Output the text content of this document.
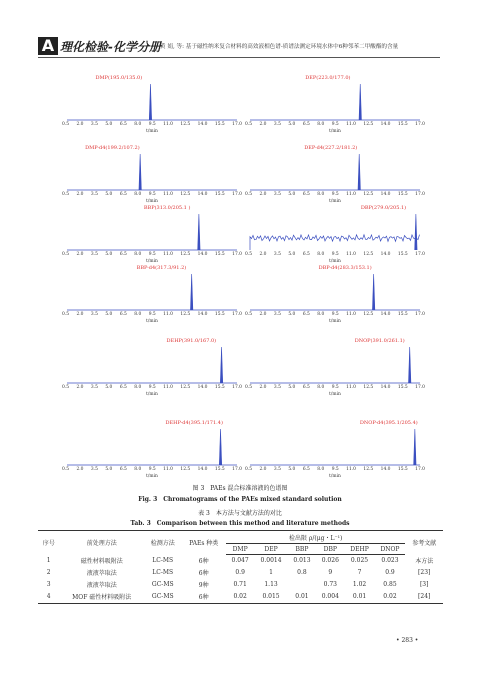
A 理化检验-化学分册 黄 娟, 等: 基于磁性纳米复合材料的高效液相色谱-质谱法测定环境水体中6种邻苯二甲酸酯的含量
DMP(195.0/135.0)
0.5 2.0 3.5 5.0 6.5 8.0 9.5 11.0 12.5 14.0 15.5 17.0
t/min
DEP(223.0/177.0)
0.5 2.0 3.5 5.0 6.5 8.0 9.5 11.0 12.5 14.0 15.5 17.0
t/min
DMP-d4(199.2/107.2)
0.5 2.0 3.5 5.0 6.5 8.0 9.5 11.0 12.5 14.0 15.5 17.0
t/min
DEP-d4(227.2/181.2)
0.5 2.0 3.5 5.0 6.5 8.0 9.5 11.0 12.5 14.0 15.5 17.0
t/min
BBP(313.0/205.1 )
0.5 2.0 3.5 5.0 6.5 8.0 9.5 11.0 12.5 14.0 15.5 17.0
t/min
DBP(279.0/205.1)
0.5 2.0 3.5 5.0 6.5 8.0 9.5 11.0 12.5 14.0 15.5 17.0
t/min
BBP-d4(317.3/91.2)
0.5 2.0 3.5 5.0 6.5 8.0 9.5 11.0 12.5 14.0 15.5 17.0
t/min
DBP-d4(283.3/153.1)
0.5 2.0 3.5 5.0 6.5 8.0 9.5 11.0 12.5 14.0 15.5 17.0
t/min
DEHP(391.0/167.0)
0.5 2.0 3.5 5.0 6.5 8.0 9.5 11.0 12.5 14.0 15.5 17.0
t/min
DNOP(391.0/261.1)
0.5 2.0 3.5 5.0 6.5 8.0 9.5 11.0 12.5 14.0 15.5 17.0
t/min
DEHP-d4(395.1/171.4)
0.5 2.0 3.5 5.0 6.5 8.0 9.5 11.0 12.5 14.0 15.5 17.0
t/min
DNOP-d4(395.1/205.4)
0.5 2.0 3.5 5.0 6.5 8.0 9.5 11.0 12.5 14.0 15.5 17.0
t/min
图 3　PAEs 混合标准溶液的色谱图
Fig. 3　Chromatograms of the PAEs mixed standard solution
表 3　本方法与文献方法的对比
Tab. 3　Comparison between this method and literature methods
序号	前处理方法	检测方法	PAEs 种类	检出限 ρ/(μg・L⁻¹)						参考文献
				DMP	DEP	BBP	DBP	DEHP	DNOP	
1	磁性材料吸附法	LC-MS	6种	0.047	0.0014	0.013	0.026	0.025	0.023	本方法
2	液液萃取法	LC-MS	6种	0.9	1	0.8	9	7	0.9	[23]
3	液液萃取法	GC-MS	9种	0.71	1.13		0.73	1.02	0.85	[3]
4	MOF 磁性材料吸附法	GC-MS	6种	0.02	0.015	0.01	0.004	0.01	0.02	[24]
• 283 •
